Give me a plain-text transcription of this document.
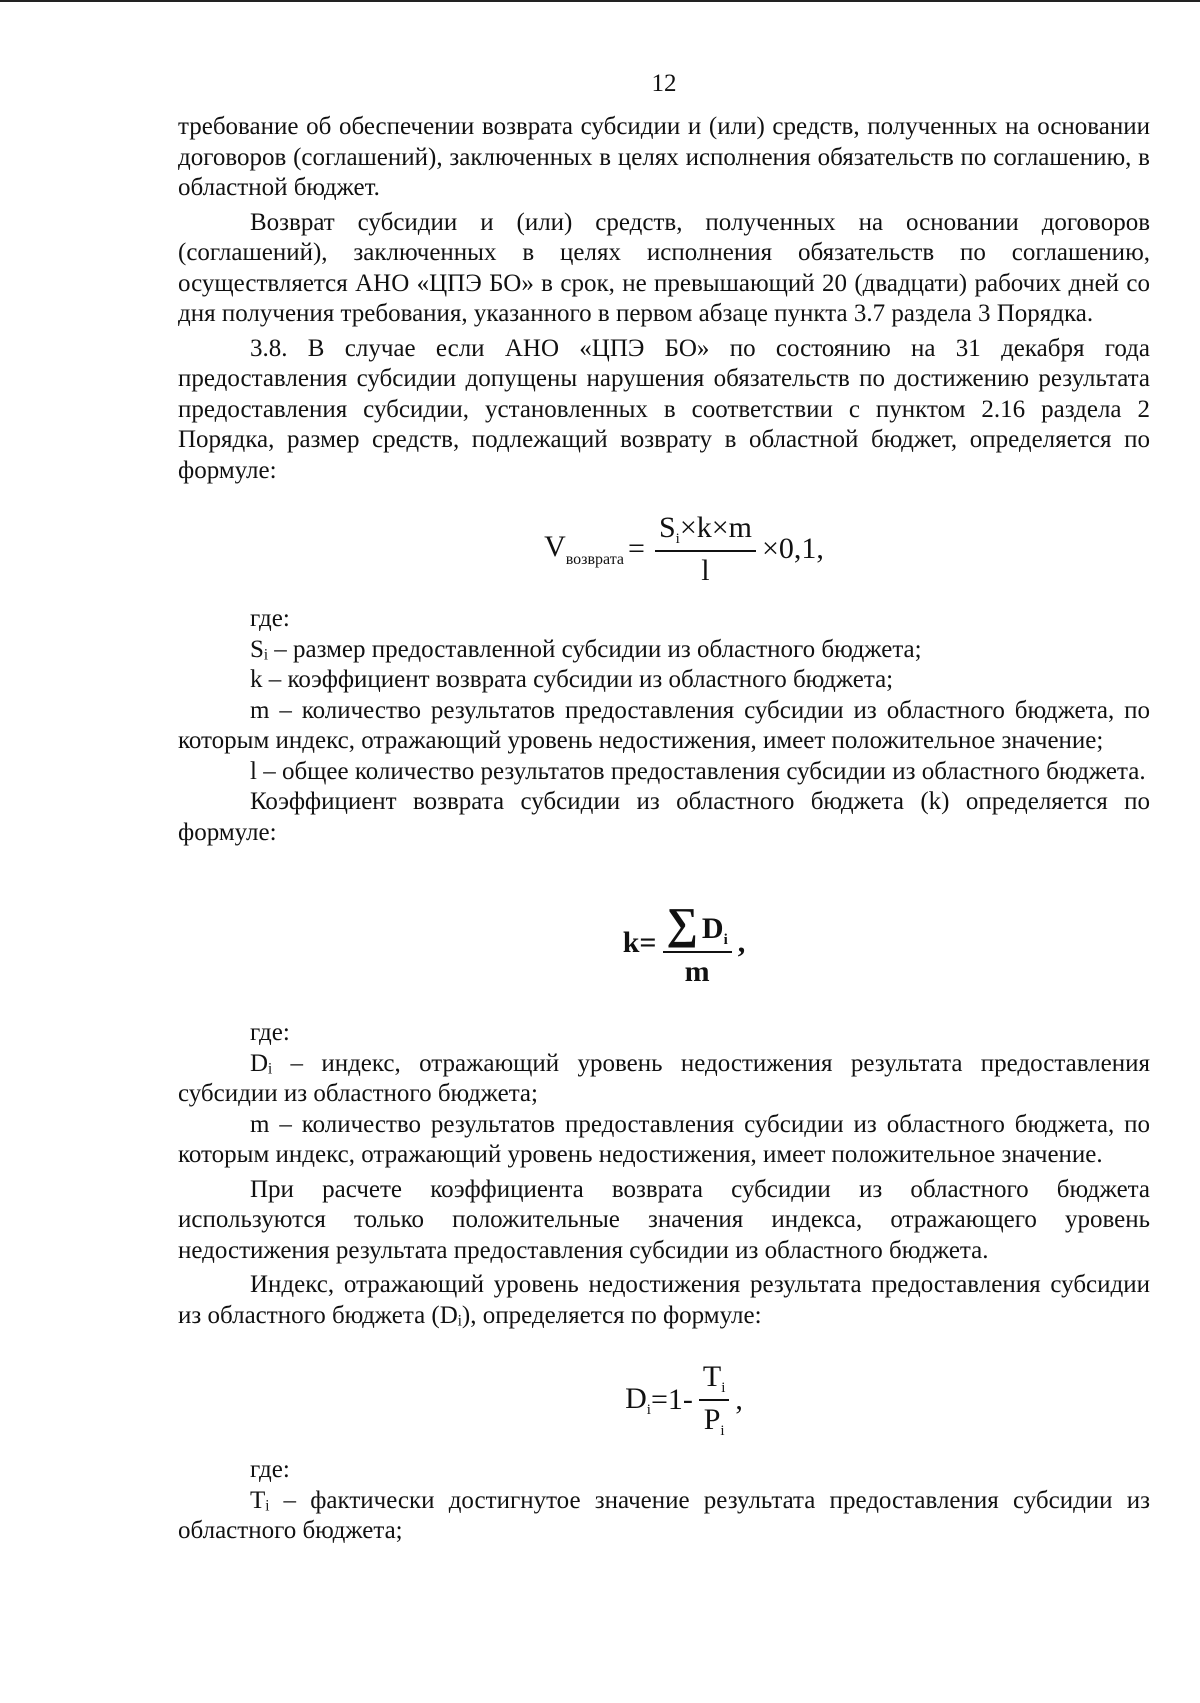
12

требование об обеспечении возврата субсидии и (или) средств, полученных на основании договоров (соглашений), заключенных в целях исполнения обязательств по соглашению, в областной бюджет.

Возврат субсидии и (или) средств, полученных на основании договоров (соглашений), заключенных в целях исполнения обязательств по соглашению, осуществляется АНО «ЦПЭ БО» в срок, не превышающий 20 (двадцати) рабочих дней со дня получения требования, указанного в первом абзаце пункта 3.7 раздела 3 Порядка.

3.8. В случае если АНО «ЦПЭ БО» по состоянию на 31 декабря года предоставления субсидии допущены нарушения обязательств по достижению результата предоставления субсидии, установленных в соответствии с пунктом 2.16 раздела 2 Порядка, размер средств, подлежащий возврату в областной бюджет, определяется по формуле:

$V_{возврата} = \frac{S_i\times k\times m}{l} \times 0,1$,

где:

Sᵢ – размер предоставленной субсидии из областного бюджета;

k – коэффициент возврата субсидии из областного бюджета;

m – количество результатов предоставления субсидии из областного бюджета, по которым индекс, отражающий уровень недостижения, имеет положительное значение;

l – общее количество результатов предоставления субсидии из областного бюджета.

Коэффициент возврата субсидии из областного бюджета (k) определяется по формуле:

$k = \frac{\sum D_i}{m}$ ,

где:

Dᵢ – индекс, отражающий уровень недостижения результата предоставления субсидии из областного бюджета;

m – количество результатов предоставления субсидии из областного бюджета, по которым индекс, отражающий уровень недостижения, имеет положительное значение.

При расчете коэффициента возврата субсидии из областного бюджета используются только положительные значения индекса, отражающего уровень недостижения результата предоставления субсидии из областного бюджета.

Индекс, отражающий уровень недостижения результата предоставления субсидии из областного бюджета (Dᵢ), определяется по формуле:

$D_i =1- \frac{T_i}{P_i}$ ,

где:

Tᵢ – фактически достигнутое значение результата предоставления субсидии из областного бюджета;
